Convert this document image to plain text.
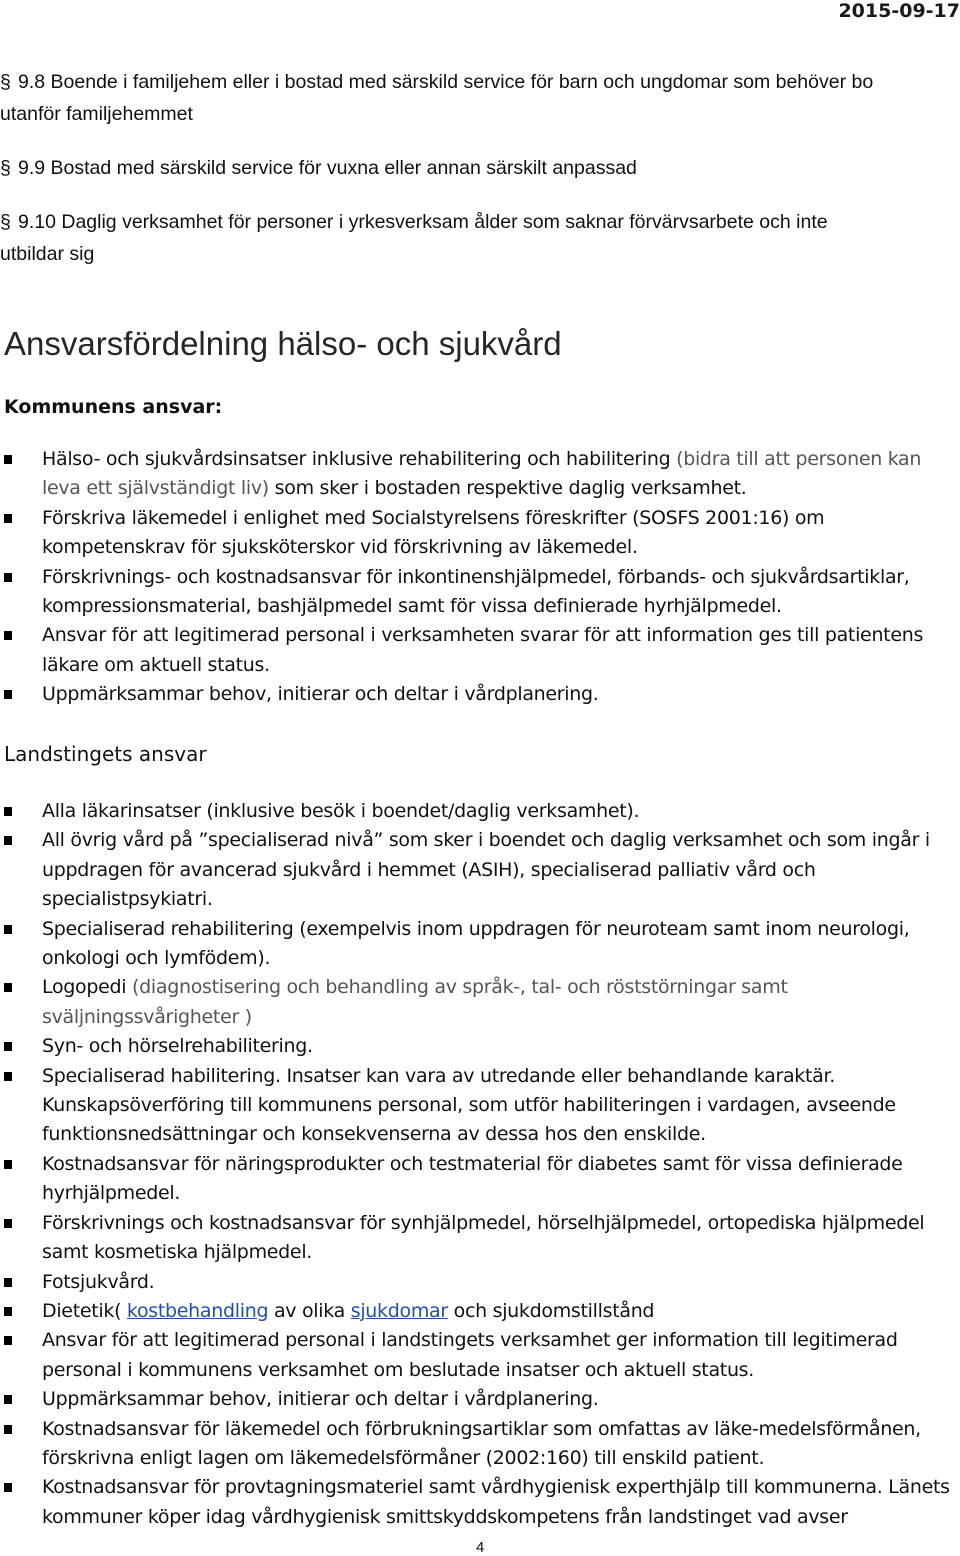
2015-09-17
§ 9.8 Boende i familjehem eller i bostad med särskild service för barn och ungdomar som behöver bo
utanför familjehemmet
§ 9.9 Bostad med särskild service för vuxna eller annan särskilt anpassad
§ 9.10 Daglig verksamhet för personer i yrkesverksam ålder som saknar förvärvsarbete och inte
utbildar sig
Ansvarsfördelning hälso- och sjukvård
Kommunens ansvar:
Hälso- och sjukvårdsinsatser inklusive rehabilitering och habilitering (bidra till att personen kan leva ett självständigt liv) som sker i bostaden respektive daglig verksamhet.
Förskriva läkemedel i enlighet med Socialstyrelsens föreskrifter (SOSFS 2001:16) om kompetenskrav för sjuksköterskor vid förskrivning av läkemedel.
Förskrivnings- och kostnadsansvar för inkontinenshjälpmedel, förbands- och sjukvårdsartiklar, kompressionsmaterial, bashjälpmedel samt för vissa definierade hyrhjälpmedel.
Ansvar för att legitimerad personal i verksamheten svarar för att information ges till patientens läkare om aktuell status.
Uppmärksammar behov, initierar och deltar i vårdplanering.
Landstingets ansvar
Alla läkarinsatser (inklusive besök i boendet/daglig verksamhet).
All övrig vård på ”specialiserad nivå” som sker i boendet och daglig verksamhet och som ingår i uppdragen för avancerad sjukvård i hemmet (ASIH), specialiserad palliativ vård och specialistpsykiatri.
Specialiserad rehabilitering (exempelvis inom uppdragen för neuroteam samt inom neurologi, onkologi och lymfödem).
Logopedi (diagnostisering och behandling av språk-, tal- och röststörningar samt sväljningssvårigheter )
Syn- och hörselrehabilitering.
Specialiserad habilitering. Insatser kan vara av utredande eller behandlande karaktär. Kunskapsöverföring till kommunens personal, som utför habiliteringen i vardagen, avseende funktionsnedsättningar och konsekvenserna av dessa hos den enskilde.
Kostnadsansvar för näringsprodukter och testmaterial för diabetes samt för vissa definierade hyrhjälpmedel.
Förskrivnings och kostnadsansvar för synhjälpmedel, hörselhjälpmedel, ortopediska hjälpmedel samt kosmetiska hjälpmedel.
Fotsjukvård.
Dietetik( kostbehandling av olika sjukdomar och sjukdomstillstånd
Ansvar för att legitimerad personal i landstingets verksamhet ger information till legitimerad personal i kommunens verksamhet om beslutade insatser och aktuell status.
Uppmärksammar behov, initierar och deltar i vårdplanering.
Kostnadsansvar för läkemedel och förbrukningsartiklar som omfattas av läke-medelsförmånen, förskrivna enligt lagen om läkemedelsförmåner (2002:160) till enskild patient.
Kostnadsansvar för provtagningsmateriel samt vårdhygienisk experthjälp till kommunerna. Länets kommuner köper idag vårdhygienisk smittskyddskompetens från landstinget vad avser
4
